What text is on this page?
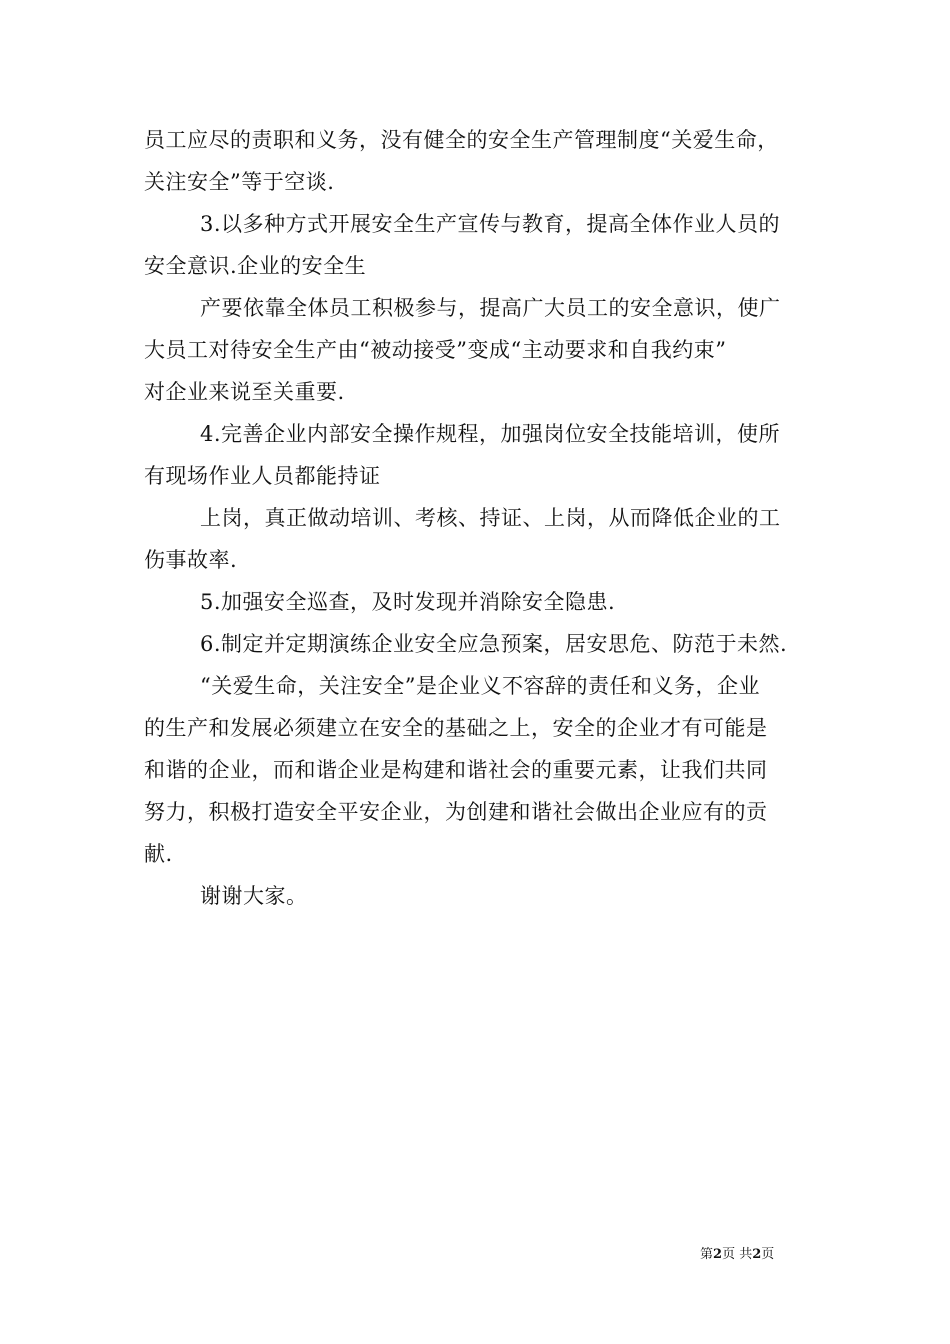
员工应尽的责职和义务，没有健全的安全生产管理制度“关爱生命，
关注安全”等于空谈.
3.以多种方式开展安全生产宣传与教育，提高全体作业人员的
安全意识.企业的安全生
产要依靠全体员工积极参与，提高广大员工的安全意识，使广
大员工对待安全生产由“被动接受”变成“主动要求和自我约束”
对企业来说至关重要.
4.完善企业内部安全操作规程，加强岗位安全技能培训，使所
有现场作业人员都能持证
上岗，真正做动培训、考核、持证、上岗，从而降低企业的工
伤事故率.
5.加强安全巡查，及时发现并消除安全隐患.
6.制定并定期演练企业安全应急预案，居安思危、防范于未然.
“关爱生命，关注安全”是企业义不容辞的责任和义务，企业
的生产和发展必须建立在安全的基础之上，安全的企业才有可能是
和谐的企业，而和谐企业是构建和谐社会的重要元素，让我们共同
努力，积极打造安全平安企业，为创建和谐社会做出企业应有的贡
献.
谢谢大家。
第2页 共2页
